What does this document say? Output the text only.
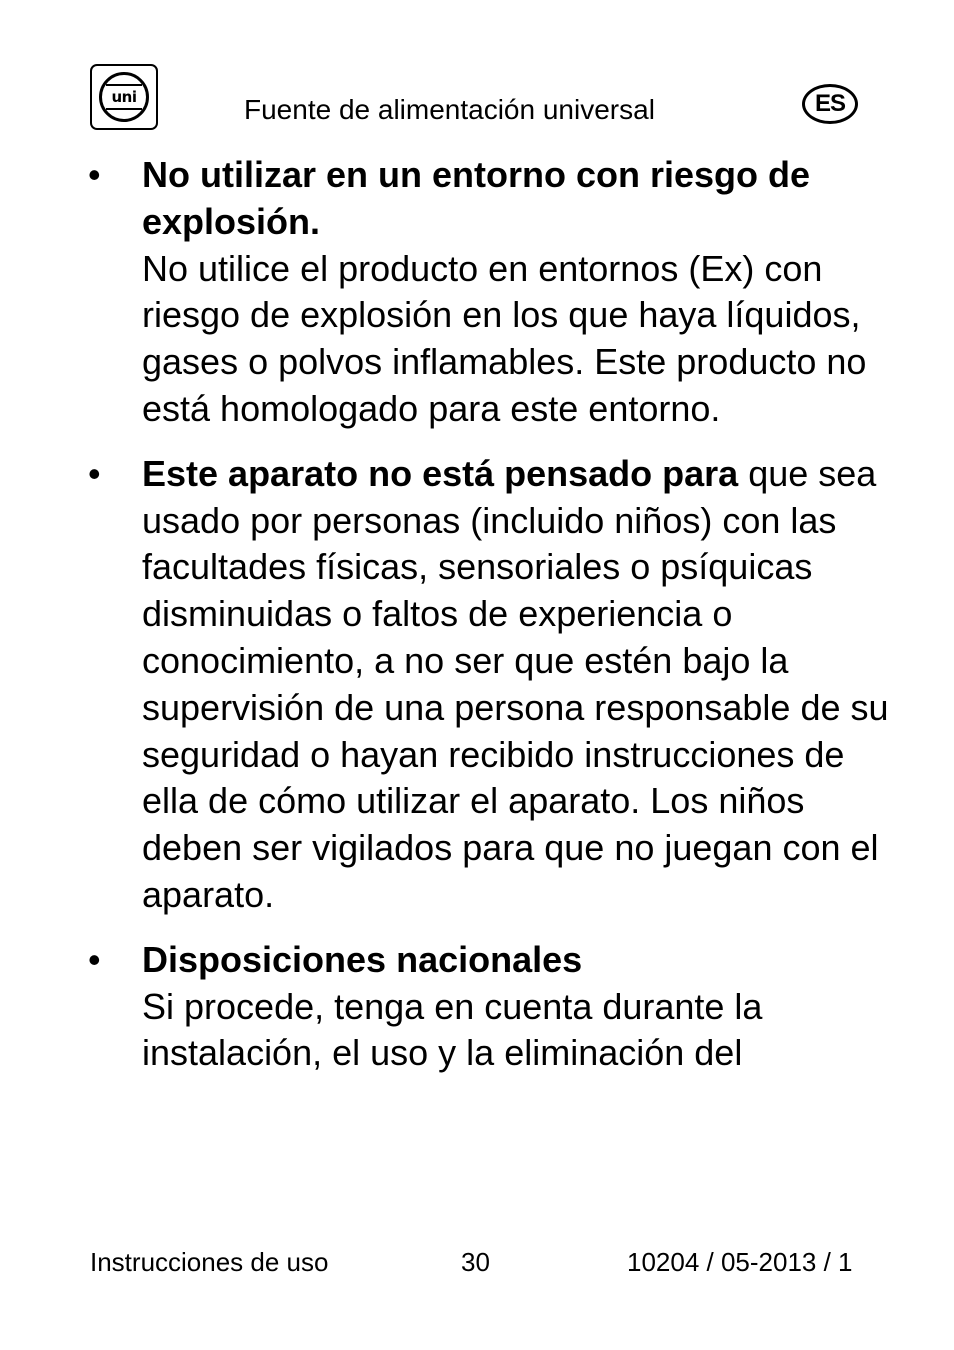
uni	Fuente de alimentación universal	ES
• No utilizar en un entorno con riesgo de explosión.

No utilice el producto en entornos (Ex) con riesgo de explosión en los que haya líquidos, gases o polvos inflamables. Este producto no está homologado para este entorno.

• Este aparato no está pensado para que sea usado por personas (incluido niños) con las facultades físicas, sensoriales o psíquicas disminuidas o faltos de experiencia o conocimiento, a no ser que estén bajo la supervisión de una persona responsable de su seguridad o hayan recibido instrucciones de ella de cómo utilizar el aparato. Los niños deben ser vigilados para que no juegan con el aparato.

• Disposiciones nacionales

Si procede, tenga en cuenta durante la instalación, el uso y la eliminación del

Instrucciones de uso	30	10204 / 05-2013 / 1
